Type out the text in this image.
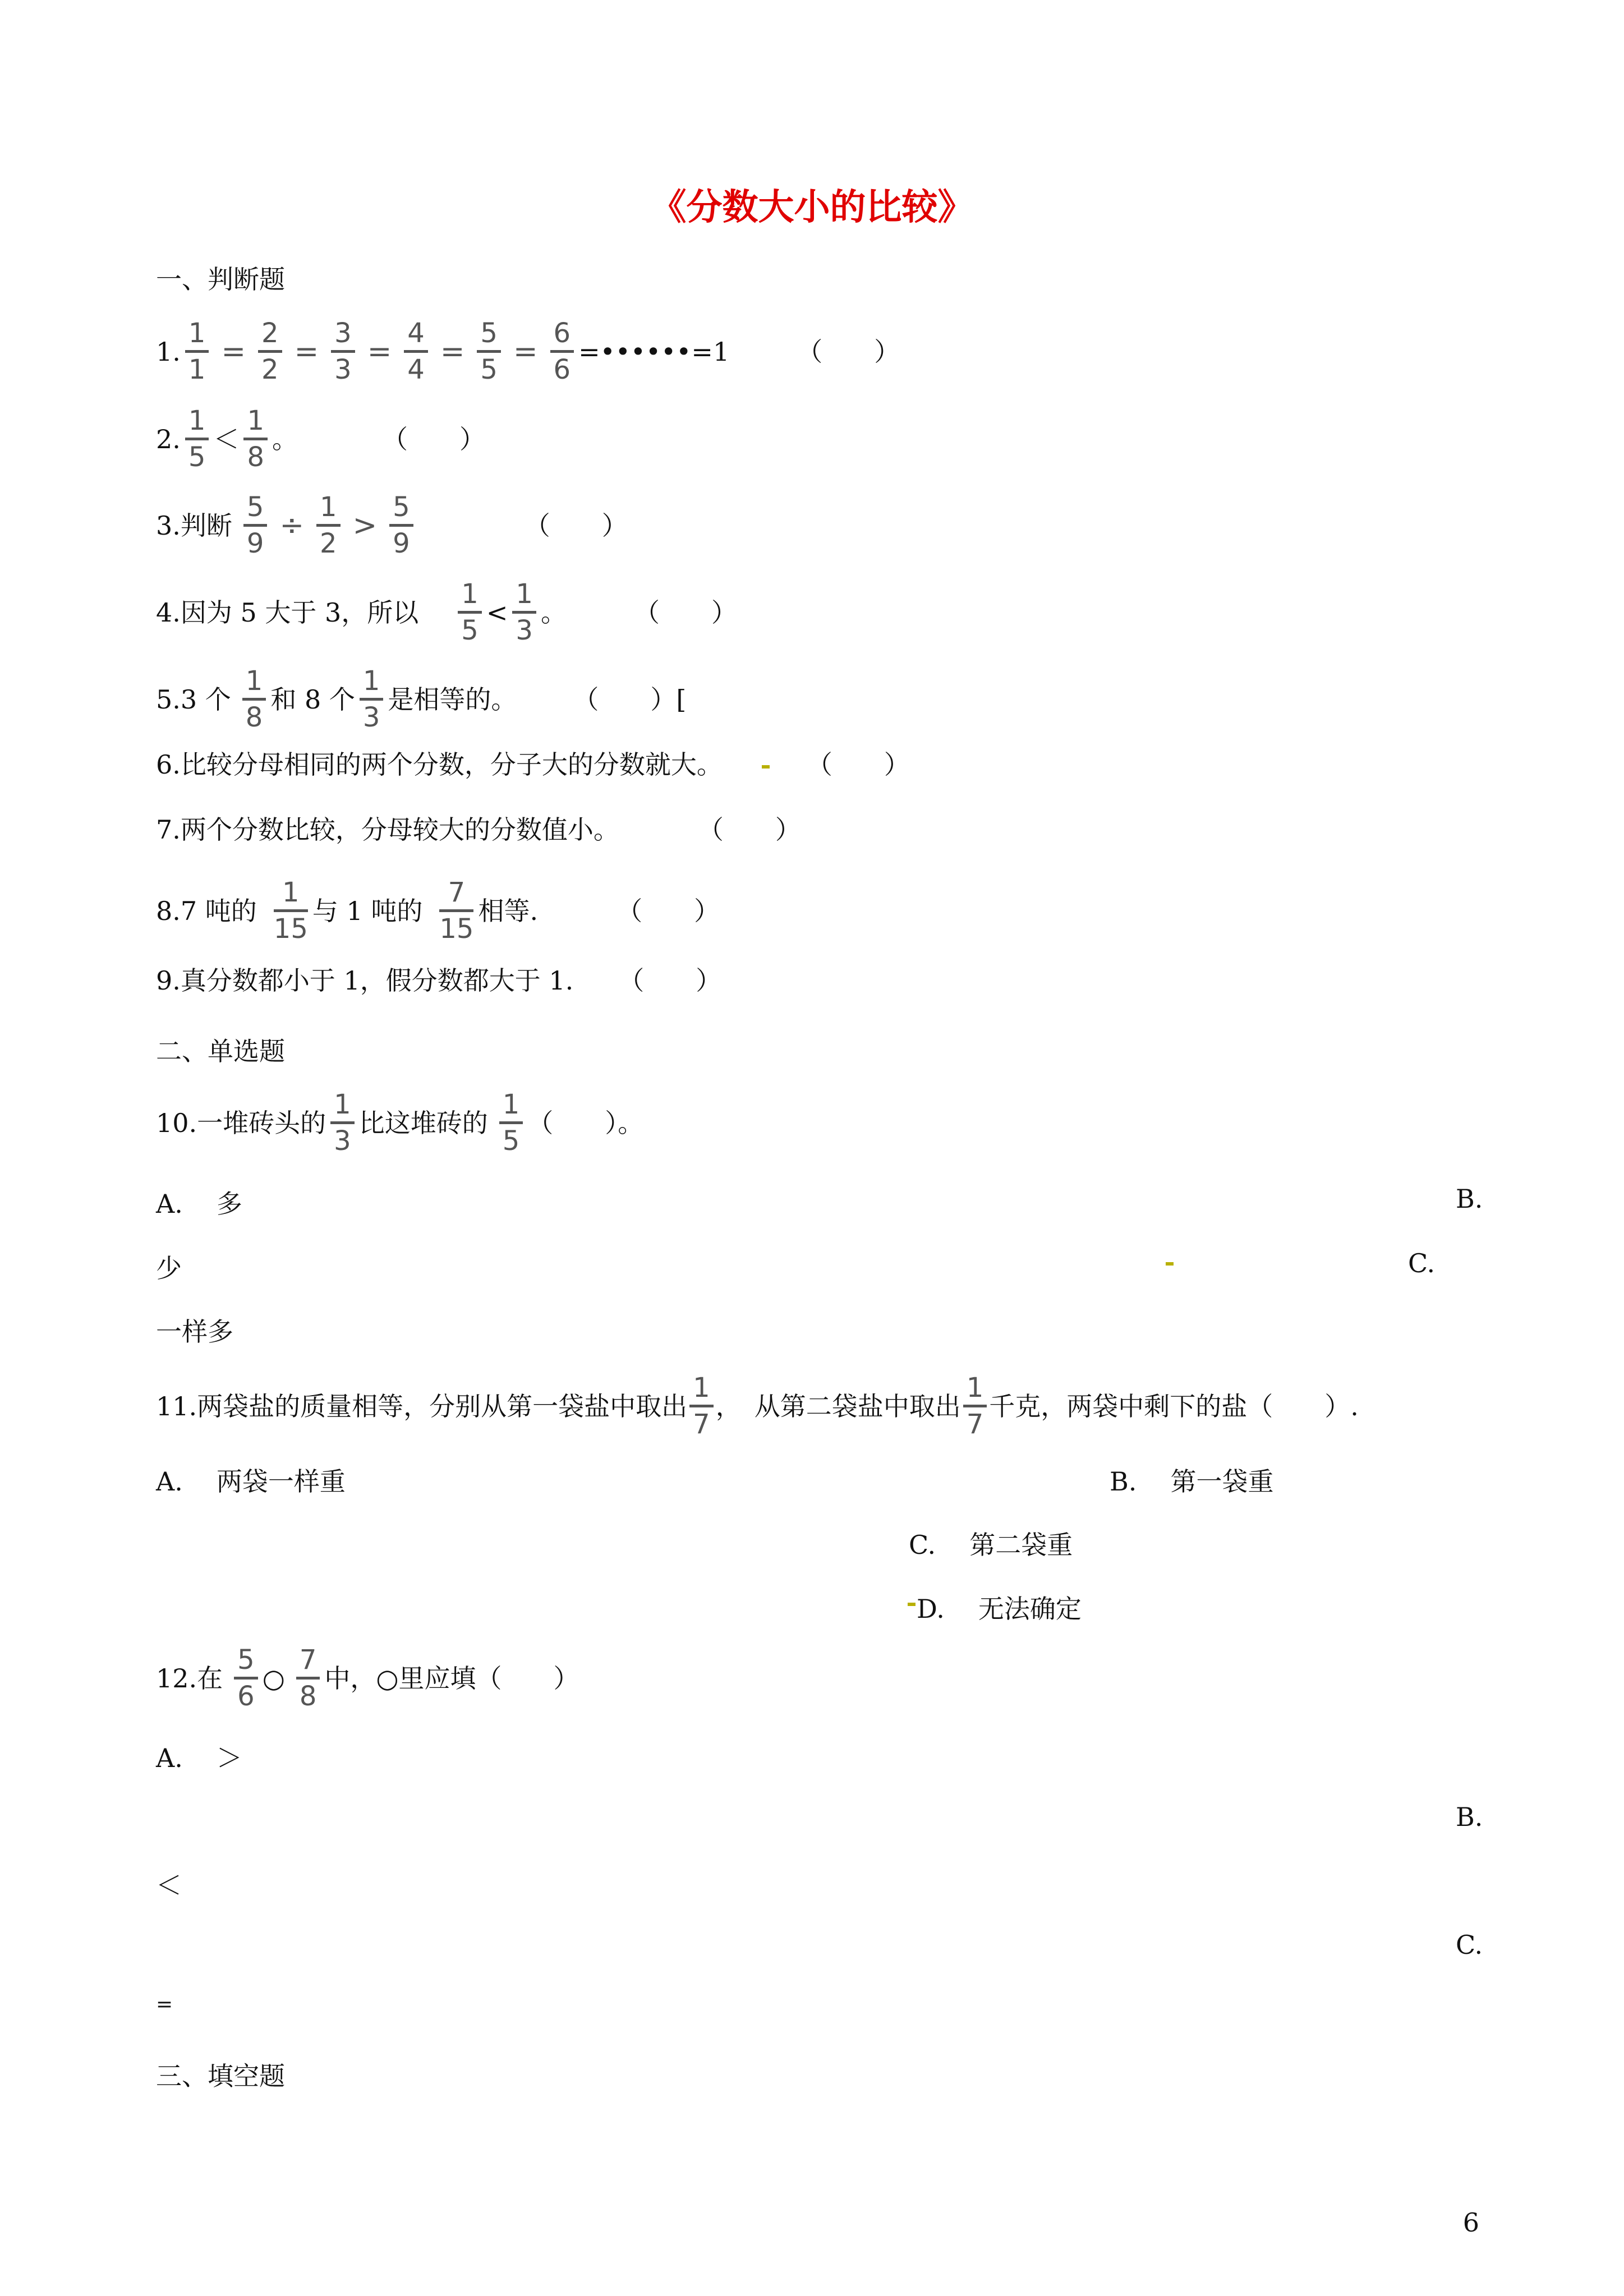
《分数大小的比较》
一、判断题
1.
1
1
=
2
2
=
3
3
=
4
4
=
5
5
=
6
6
=••••••=1	（　　）
2.
1
5
＜
1
8
。	（　　）
3.判断
5
9
÷
1
2
>
5
9
（　　）
4.因为 5 大于 3，所以
1
5
<
1
3
。	（　　）
5.3 个
1
8
和 8 个
1
3
是相等的。 （　　）[
6.比较分母相同的两个分数，分子大的分数就大 。	（　　）
7.两个分数比较，分母较大的分数值小。	（　　）
8.7 吨的
1
15
与 1 吨的
7
15
相等.	（　　）
9.真分数都小于 1，假分数都大于 1. （　　）
二、单选题
10.一堆砖头的
1
3
比这堆砖的
1
5
（　　）。
A. 多	B.
少	C.
一样多
11.两袋盐的质量相等，分别从第一袋盐中取出
1
7
，　从第二袋盐中取出
1
7
千克，两袋中剩下的盐（　　）.
A. 两袋一样重	B. 第一袋重
C. 第二袋重
D. 无法确定
12.在
5
6
○
7
8
中，○里应填（　　）
A. ＞
B.
＜
C.
=
三、填空题
6
